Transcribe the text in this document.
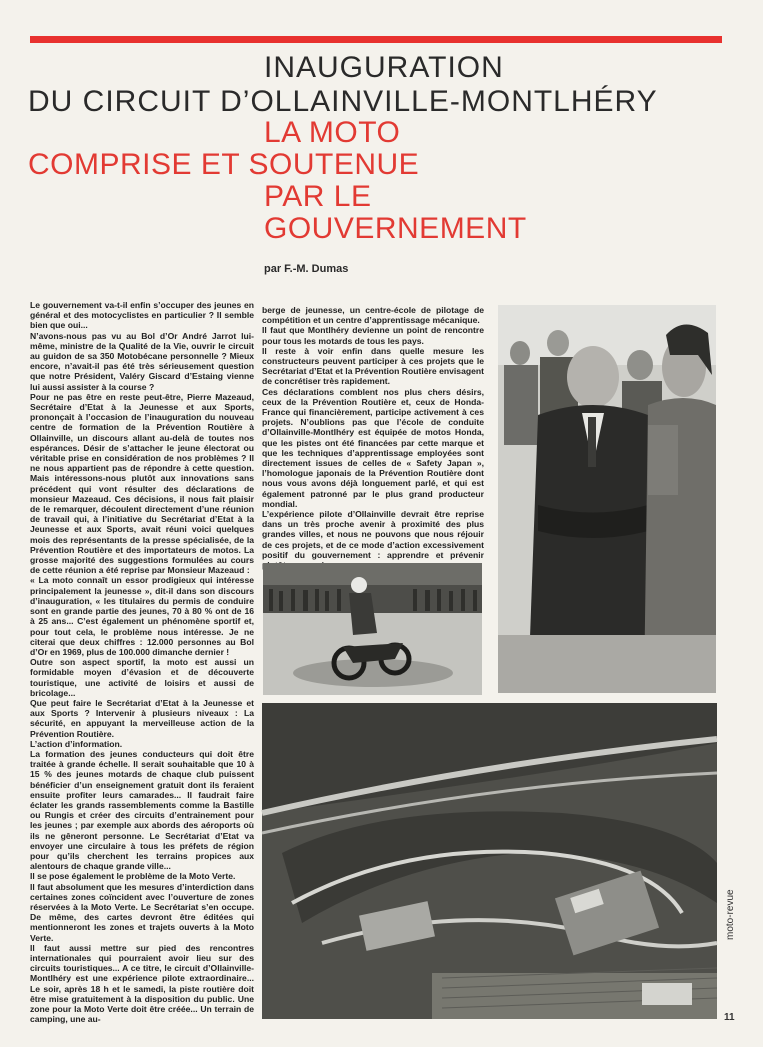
INAUGURATION
DU CIRCUIT D’OLLAINVILLE-MONTLHÉRY
LA MOTO
COMPRISE ET SOUTENUE
PAR LE
GOUVERNEMENT
par F.-M. Dumas

Le gouvernement va-t-il enfin s’occuper des jeunes en général et des motocyclistes en particulier ? Il semble bien que oui...

N’avons-nous pas vu au Bol d’Or André Jarrot lui-même, ministre de la Qualité de la Vie, ouvrir le circuit au guidon de sa 350 Motobécane personnelle ? Mieux encore, n’avait-il pas été très sérieusement question que notre Président, Valéry Giscard d’Estaing vienne lui aussi assister à la course ?

Pour ne pas être en reste peut-être, Pierre Mazeaud, Secrétaire d’Etat à la Jeunesse et aux Sports, prononçait à l’occasion de l’inauguration du nouveau centre de formation de la Prévention Routière à Ollainville, un discours allant au-delà de toutes nos espérances. Désir de s’attacher le jeune électorat ou véritable prise en considération de nos problèmes ? Il ne nous appartient pas de répondre à cette question. Mais intéressons-nous plutôt aux innovations sans précédent qui vont résulter des déclarations de monsieur Mazeaud. Ces décisions, il nous fait plaisir de le remarquer, découlent directement d’une réunion de travail qui, à l’initiative du Secrétariat d’Etat à la Jeunesse et aux Sports, avait réuni voici quelques mois des représentants de la presse spécialisée, de la Prévention Routière et des importateurs de motos. La grosse majorité des suggestions formulées au cours de cette réunion a été reprise par Monsieur Mazeaud :

« La moto connaît un essor prodigieux qui intéresse principalement la jeunesse », dit-il dans son discours d’inauguration, « les titulaires du permis de conduire sont en grande partie des jeunes, 70 à 80 % ont de 16 à 25 ans... C’est également un phénomène sportif et, pour tout cela, le problème nous intéresse. Je ne citerai que deux chiffres : 12.000 personnes au Bol d’Or en 1969, plus de 100.000 dimanche dernier !

Outre son aspect sportif, la moto est aussi un formidable moyen d’évasion et de découverte touristique, une activité de loisirs et aussi de bricolage...

Que peut faire le Secrétariat d’Etat à la Jeunesse et aux Sports ? Intervenir à plusieurs niveaux : La sécurité, en appuyant la merveilleuse action de la Prévention Routière.

L’action d’information.

La formation des jeunes conducteurs qui doit être traitée à grande échelle. Il serait souhaitable que 10 à 15 % des jeunes motards de chaque club puissent bénéficier d’un enseignement gratuit dont ils feraient ensuite profiter leurs camarades... Il faudrait faire éclater les grands rassemblements comme la Bastille ou Rungis et créer des circuits d’entrainement pour les jeunes ; par exemple aux abords des aéroports où ils ne gêneront personne. Le Secrétariat d’Etat va envoyer une circulaire à tous les préfets de région pour qu’ils cherchent les terrains propices aux alentours de chaque grande ville...

Il se pose également le problème de la Moto Verte.

Il faut absolument que les mesures d’interdiction dans certaines zones coïncident avec l’ouverture de zones réservées à la Moto Verte. Le Secrétariat s’en occupe. De même, des cartes devront être éditées qui mentionneront les zones et trajets ouverts à la Moto Verte.

Il faut aussi mettre sur pied des rencontres internationales qui pourraient avoir lieu sur des circuits touristiques... A ce titre, le circuit d’Ollainville-Montlhéry est une expérience pilote extraordinaire... Le soir, après 18 h et le samedi, la piste routière doit être mise gratuitement à la disposition du public. Une zone pour la Moto Verte doit être créée... Un terrain de camping, une au-

berge de jeunesse, un centre-école de pilotage de compétition et un centre d’apprentissage mécanique.

Il faut que Montlhéry devienne un point de rencontre pour tous les motards de tous les pays.

Il reste à voir enfin dans quelle mesure les constructeurs peuvent participer à ces projets que le Secrétariat d’Etat et la Prévention Routière envisagent de concrétiser très rapidement.

Ces déclarations comblent nos plus chers désirs, ceux de la Prévention Routière et, ceux de Honda-France qui financièrement, participe activement à ces projets. N’oublions pas que l’école de conduite d’Ollainville-Montlhéry est équipée de motos Honda, que les pistes ont été financées par cette marque et que les techniques d’apprentissage employées sont directement issues de celles de « Safety Japan », l’homologue japonais de la Prévention Routière dont nous vous avons déjà longuement parlé, et qui est également patronné par le plus grand producteur mondial.

L’expérience pilote d’Ollainville devrait être reprise dans un très proche avenir à proximité des plus grandes villes, et nous ne pouvons que nous réjouir de ces projets, et de ce mode d’action excessivement positif du gouvernement : apprendre et prévenir

moto-revue
11
